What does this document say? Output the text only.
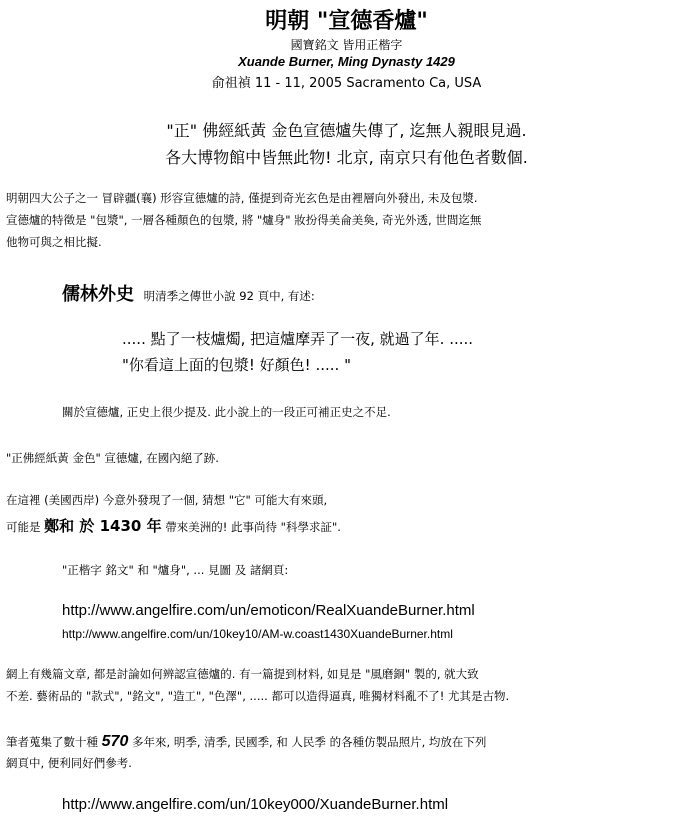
明朝 "宣德香爐"
國寶銘文 皆用正楷字
Xuande Burner, Ming Dynasty 1429
俞祖禎 11 - 11, 2005 Sacramento Ca, USA
"正" 佛經紙黃 金色宣德爐失傳了, 迄無人親眼見過.
各大博物館中皆無此物! 北京, 南京只有他色者數個.
明朝四大公子之一 冒辟疆(襄) 形容宣德爐的詩, 僅提到奇光玄色是由裡層向外發出, 未及包漿.
宣德爐的特徵是 "包漿", 一層各種顏色的包漿, 將 "爐身" 妝扮得美侖美奐, 奇光外透, 世間迄無
他物可與之相比擬.
儒林外史 明清季之傳世小說 92 頁中, 有述:
..... 點了一枝爐燭, 把這爐摩弄了一夜, 就過了年. .....
"你看這上面的包漿! 好顏色! ..... "
關於宣德爐, 正史上很少提及. 此小說上的一段正可補正史之不足.
"正佛經紙黃 金色" 宣德爐, 在國內絕了跡.
在這裡 (美國西岸) 今意外發現了一個, 猜想 "它" 可能大有來頭,
可能是 鄭和 於 1430 年 帶來美洲的! 此事尚待 "科學求証".
"正楷字 銘文" 和 "爐身", ... 見圖 及 諸網頁:
http://www.angelfire.com/un/emoticon/RealXuandeBurner.html
http://www.angelfire.com/un/10key10/AM-w.coast1430XuandeBurner.html
網上有幾篇文章, 都是討論如何辨認宣德爐的. 有一篇提到材料, 如見是 "風磨銅" 製的, 就大致
不差. 藝術品的 "款式", "銘文", "造工", "色澤", ..... 都可以造得逼真, 唯獨材料亂不了! 尤其是古物.
筆者蒐集了數十種 570 多年來, 明季, 清季, 民國季, 和 人民季 的各種仿製品照片, 均放在下列
網頁中, 便利同好們參考.
http://www.angelfire.com/un/10key000/XuandeBurner.html
